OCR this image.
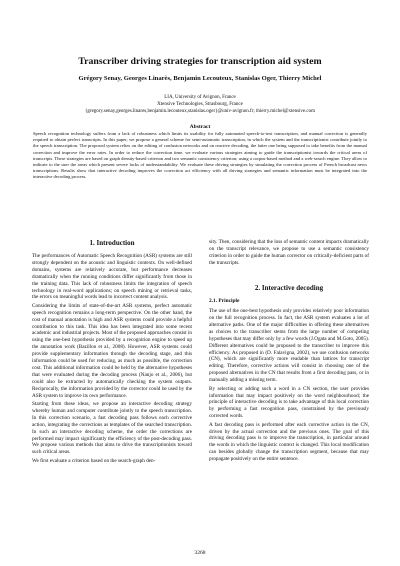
Transcriber driving strategies for transcription aid system
Grégory Senay, Georges Linarès, Benjamin Lecouteux, Stanislas Oger, Thierry Michel
LIA, University of Avignon, France
Xtensive Technologies, Strasbourg, France
{gregory.senay,georges.linares,benjamin.lecouteux,stanislas.oger}@univ-avignon.fr; thierry.michel@xtensive.com
Abstract

Speech recognition technology suffers from a lack of robustness which limits its usability for fully automated speech-to-text transcription, and manual correction is generally required to obtain perfect transcripts. In this paper, we propose a general scheme for semi-automatic transcription, in which the system and the transcriptionist contribute jointly to the speech transcription. The proposed system relies on the editing of confusion networks and on reactive decoding, the latter one being supposed to take benefits from the manual correction and improve the error rates. In order to reduce the correction time, we evaluate various strategies aiming to guide the transcriptionist towards the critical areas of transcripts. These strategies are based on graph density-based criterion and two semantic consistency criterion; using a corpus-based method and a web-search engine. They allow to indicate to the user the areas which present severe lacks of understandability. We evaluate these driving strategies by simulating the correction process of French broadcast news transcriptions. Results show that interactive decoding improves the correction act efficiency with all driving strategies and semantic information must be integrated into the interactive decoding process.

1. Introduction

The performances of Automatic Speech Recognition (ASR) systems are still strongly dependent on the acoustic and linguistic contexts. On well-defined domains, systems are relatively accurate, but performance decreases dramatically when the running conditions differ significantly from those in the training data. This lack of robustness limits the integration of speech technology in real-word applications; on speech mining or retrieval tasks, the errors on meaningful words lead to incorrect content analysis.

Considering the limits of state-of-the-art ASR systems, perfect automatic speech recognition remains a long-term perspective. On the other hand, the cost of manual annotation is high and ASR systems could provide a helpful contribution to this task. This idea has been integrated into some recent academic and industrial projects. Most of the proposed approaches consist in using the one-best hypothesis provided by a recognition engine to speed up the annotation work (Bazillon et al., 2008). However, ASR systems could provide supplementary information through the decoding stage, and this information could be used for reducing, as much as possible, the correction cost. This additional information could be held by the alternative hypotheses that were evaluated during the decoding process (Nanjo et al., 2006), but could also be extracted by automatically checking the system outputs. Reciprocally, the information provided by the corrector could be used by the ASR system to improve its own performance.

Starting from these ideas, we propose an interactive decoding strategy whereby human and computer contribute jointly to the speech transcription. In this correction scenario, a fast decoding pass follows each corrective action, integrating the corrections as templates of the searched transcription. In such an interactive decoding scheme, the order the corrections are performed may impact significantly the efficiency of the post-decoding pass. We propose various methods that aims to drive the transcriptionists toward such critical areas.

We first evaluate a criterion based on the search-graph den-

sity. Then, considering that the loss of semantic content impacts dramatically on the transcript relevance, we propose to use a semantic consistency criterion in order to guide the human corrector on critically-deficient parts of the transcripts.

2. Interactive decoding
2.1. Principle

The use of the one-best hypothesis only provides relatively poor information on the full recognition process. In fact, the ASR system evaluates a lot of alternative paths. One of the major difficulties in offering these alternatives as choices to the transcriber stems from the large number of competing hypotheses that may differ only by a few words (J.Ogata and M.Goto, 2005). Different alternatives could be proposed to the transcriber to improve this efficiency. As proposed in (D. Falavigna, 2002), we use confusion networks (CN), which are significantly more readable than lattices for transcript editing. Therefore, corrective actions will consist in choosing one of the proposed alternatives in the CN that results from a first decoding pass, or in manually adding a missing term.

By selecting or adding such a word in a CN section, the user provides information that may impact positively on the word neighbourhood; the principle of interactive decoding is to take advantage of this local correction by performing a fast recognition pass, constrained by the previously corrected words.

A fast decoding pass is performed after each corrective action in the CN, driven by the actual correction and the previous ones. The goal of this driving decoding pass is to improve the transcription, in particular around the words in which the linguistic context is changed. This local modification can besides globally change the transcription segment, because that may propagate positively on the entire sentence.

3268
